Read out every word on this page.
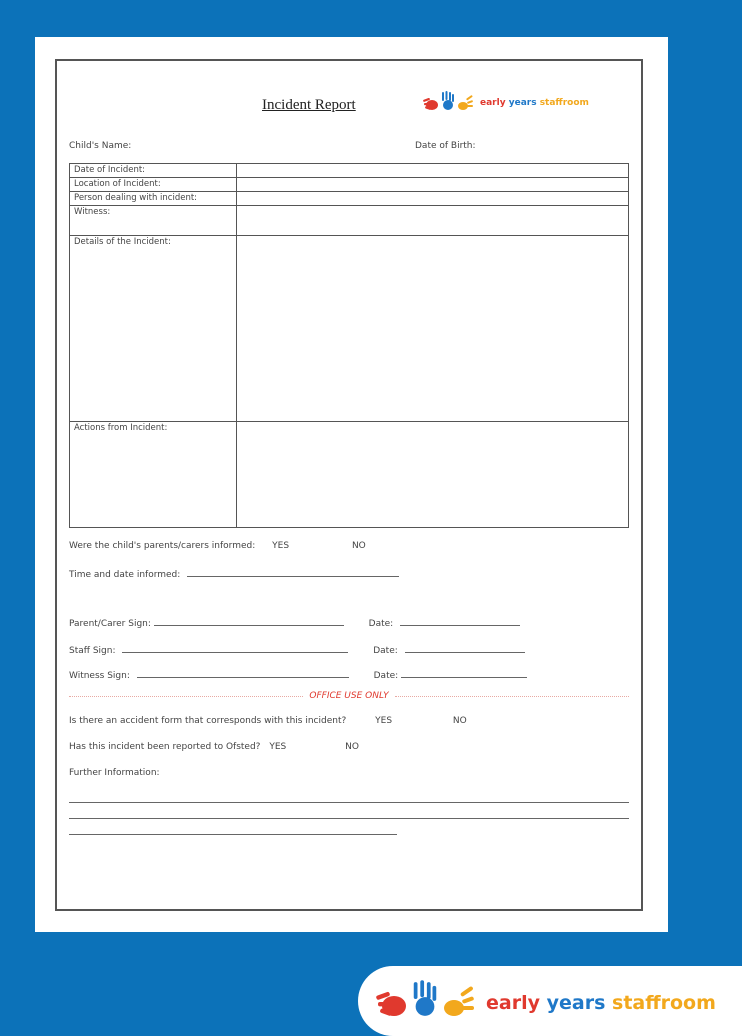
Incident Report	early years staffroom
Child's Name:	Date of Birth:
Date of Incident:	
Location of Incident:	
Person dealing with incident:	
Witness:	
Details of the Incident:	
Actions from Incident:	
Were the child's parents/carers informed: YES	NO
Time and date informed:
Parent/Carer Sign:	Date:
Staff Sign:	Date:
Witness Sign:	Date:
OFFICE USE ONLY
Is there an accident form that corresponds with this incident?	YES	NO
Has this incident been reported to Ofsted? YES	NO
Further Information:
early years staffroom
